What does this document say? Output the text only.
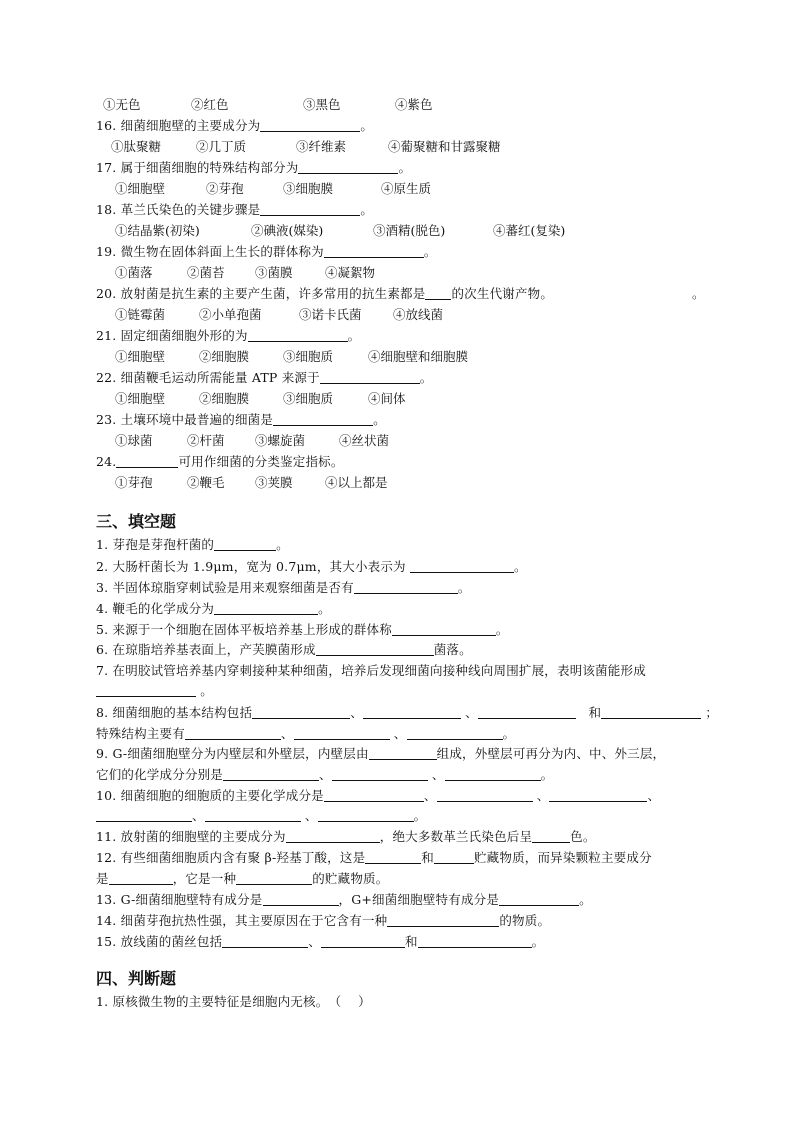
①无色	②红色	③黑色	④紫色
16. 细菌细胞壁的主要成分为	。
①肽聚糖	②几丁质	③纤维素	④葡聚糖和甘露聚糖
17. 属于细菌细胞的特殊结构部分为	。
①细胞壁	②芽孢	③细胞膜	④原生质
18. 革兰氏染色的关键步骤是	。
①结晶紫(初染)	②碘液(媒染)	③酒精(脱色)	④蕃红(复染)
19. 微生物在固体斜面上生长的群体称为	。
①菌落	②菌苔 ③菌膜	④凝絮物
20. 放射菌是抗生素的主要产生菌，许多常用的抗生素都是 的次生代谢产物。	。
①链霉菌	②小单孢菌	③诺卡氏菌	④放线菌
21. 固定细菌细胞外形的为	。
①细胞壁	②细胞膜	③细胞质	④细胞壁和细胞膜
22. 细菌鞭毛运动所需能量 ATP 来源于	。
①细胞壁	②细胞膜	③细胞质	④间体
23. 土壤环境中最普遍的细菌是	。
①球菌	②杆菌 ③螺旋菌	④丝状菌
24.	可用作细菌的分类鉴定指标。
①芽孢	②鞭毛 ③荚膜	④以上都是
三、填空题
1. 芽孢是芽孢杆菌的	。
2. 大肠杆菌长为 1.9μm，宽为 0.7μm，其大小表示为	。
3. 半固体琼脂穿刺试验是用来观察细菌是否有	。
4. 鞭毛的化学成分为	。
5. 来源于一个细胞在固体平板培养基上形成的群体称	。
6. 在琼脂培养基表面上，产芙膜菌形成	菌落。
7. 在明胶试管培养基内穿刺接种某种细菌，培养后发现细菌向接种线向周围扩展，表明该菌能形成
。
8. 细菌细胞的基本结构包括	、	、　	和	；
特殊结构主要有	、	、	。
9. G-细菌细胞壁分为内壁层和外壁层，内壁层由	组成，外壁层可再分为内、中、外三层，
它们的化学成分分别是	、	、	。
10. 细菌细胞的细胞质的主要化学成分是	、	、	、
、	、	。
11. 放射菌的细胞壁的主要成分为	，绝大多数革兰氏染色后呈	色。
12. 有些细菌细胞质内含有聚 β-羟基丁酸，这是	和	贮藏物质，而异染颗粒主要成分
是	，它是一种	的贮藏物质。
13. G-细菌细胞壁特有成分是	，G+细菌细胞壁特有成分是	。
14. 细菌芽孢抗热性强，其主要原因在于它含有一种	的物质。
15. 放线菌的菌丝包括	、	和	。
四、判断题
1. 原核微生物的主要特征是细胞内无核。　（　 ）
